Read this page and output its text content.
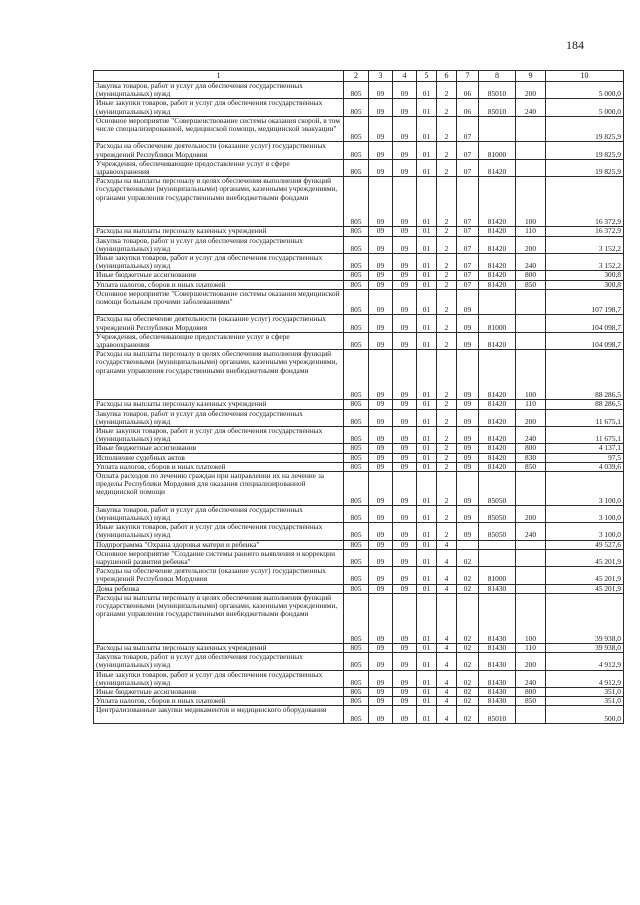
184
1	2	3	4	5	6	7	8	9	10
Закупка товаров, работ и услуг для обеспечения государственных (муниципальных) нужд	805	09	09	01	2	06	85010	200	5 000,0
Иные закупки товаров, работ и услуг для обеспечения государственных (муниципальных) нужд	805	09	09	01	2	06	85010	240	5 000,0
Основное мероприятие "Совершенствование системы оказания скорой, в том числе специализированной, медицинской помощи, медицинской эвакуации"	805	09	09	01	2	07			19 825,9
Расходы на обеспечение деятельности (оказание услуг) государственных учреждений Республики Мордовия	805	09	09	01	2	07	81000		19 825,9
Учреждения, обеспечивающие предоставление услуг в сфере здравоохранения	805	09	09	01	2	07	81420		19 825,9
Расходы на выплаты персоналу в целях обеспечения выполнения функций государственными (муниципальными) органами, казенными учреждениями, органами управления государственными внебюджетными фондами	805	09	09	01	2	07	81420	100	16 372,9
Расходы на выплаты персоналу казенных учреждений	805	09	09	01	2	07	81420	110	16 372,9
Закупка товаров, работ и услуг для обеспечения государственных (муниципальных) нужд	805	09	09	01	2	07	81420	200	3 152,2
Иные закупки товаров, работ и услуг для обеспечения государственных (муниципальных) нужд	805	09	09	01	2	07	81420	240	3 152,2
Иные бюджетные ассигнования	805	09	09	01	2	07	81420	800	300,8
Уплата налогов, сборов и иных платежей	805	09	09	01	2	07	81420	850	300,8
Основное мероприятие "Совершенствование системы оказания медицинской помощи больным прочими заболеваниями"	805	09	09	01	2	09			107 198,7
Расходы на обеспечение деятельности (оказание услуг) государственных учреждений Республики Мордовия	805	09	09	01	2	09	81000		104 098,7
Учреждения, обеспечивающие предоставление услуг в сфере здравоохранения	805	09	09	01	2	09	81420		104 098,7
Расходы на выплаты персоналу в целях обеспечения выполнения функций государственными (муниципальными) органами, казенными учреждениями, органами управления государственными внебюджетными фондами	805	09	09	01	2	09	81420	100	88 286,5
Расходы на выплаты персоналу казенных учреждений	805	09	09	01	2	09	81420	110	88 286,5
Закупка товаров, работ и услуг для обеспечения государственных (муниципальных) нужд	805	09	09	01	2	09	81420	200	11 675,1
Иные закупки товаров, работ и услуг для обеспечения государственных (муниципальных) нужд	805	09	09	01	2	09	81420	240	11 675,1
Иные бюджетные ассигнования	805	09	09	01	2	09	81420	800	4 137,1
Исполнение судебных актов	805	09	09	01	2	09	81420	830	97,5
Уплата налогов, сборов и иных платежей	805	09	09	01	2	09	81420	850	4 039,6
Оплата расходов по лечению граждан при направлении их на лечение за пределы Республики Мордовия для оказания специализированной медицинской помощи	805	09	09	01	2	09	85050		3 100,0
Закупка товаров, работ и услуг для обеспечения государственных (муниципальных) нужд	805	09	09	01	2	09	85050	200	3 100,0
Иные закупки товаров, работ и услуг для обеспечения государственных (муниципальных) нужд	805	09	09	01	2	09	85050	240	3 100,0
Подпрограмма "Охрана здоровья матери и ребенка"	805	09	09	01	4				49 527,6
Основное мероприятие "Создание системы раннего выявления и коррекции нарушений развития ребенка"	805	09	09	01	4	02			45 201,9
Расходы на обеспечение деятельности (оказание услуг) государственных учреждений Республики Мордовия	805	09	09	01	4	02	81000		45 201,9
Дома ребенка	805	09	09	01	4	02	81430		45 201,9
Расходы на выплаты персоналу в целях обеспечения выполнения функций государственными (муниципальными) органами, казенными учреждениями, органами управления государственными внебюджетными фондами	805	09	09	01	4	02	81430	100	39 938,0
Расходы на выплаты персоналу казенных учреждений	805	09	09	01	4	02	81430	110	39 938,0
Закупка товаров, работ и услуг для обеспечения государственных (муниципальных) нужд	805	09	09	01	4	02	81430	200	4 912,9
Иные закупки товаров, работ и услуг для обеспечения государственных (муниципальных) нужд	805	09	09	01	4	02	81430	240	4 912,9
Иные бюджетные ассигнования	805	09	09	01	4	02	81430	800	351,0
Уплата налогов, сборов и иных платежей	805	09	09	01	4	02	81430	850	351,0
Централизованные закупки медикаментов и медицинского оборудования	805	09	09	01	4	02	85010		500,0
